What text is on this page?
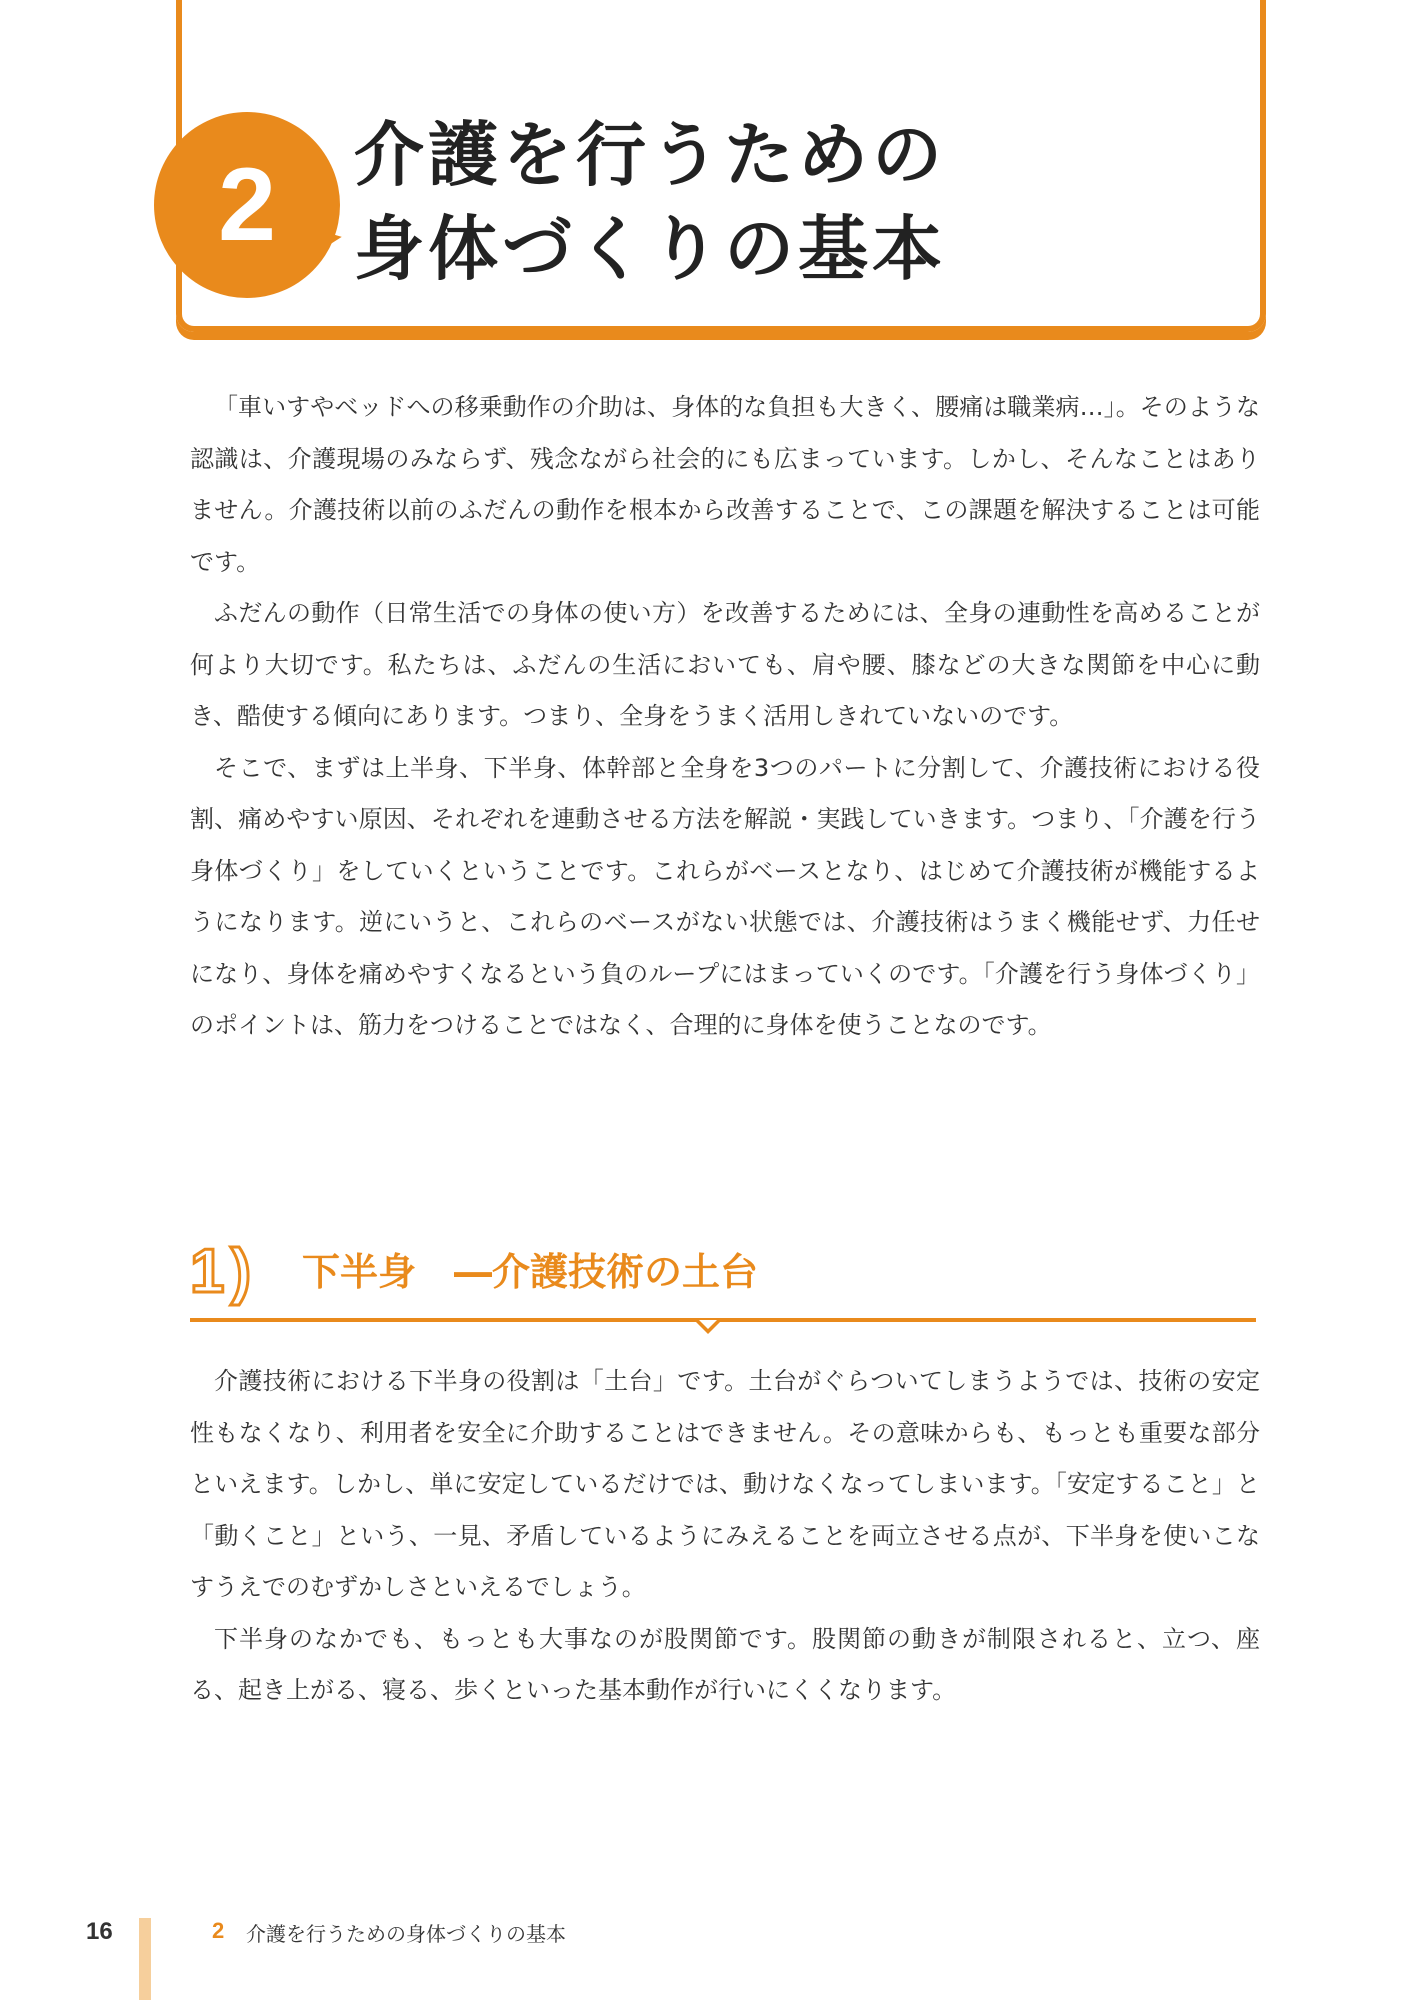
2	介護を行うための
身体づくりの基本

「車いすやベッドへの移乗動作の介助は、身体的な負担も大きく、腰痛は職業病…」。そのような認識は、介護現場のみならず、残念ながら社会的にも広まっています。しかし、そんなことはありません。介護技術以前のふだんの動作を根本から改善することで、この課題を解決することは可能です。

ふだんの動作（日常生活での身体の使い方）を改善するためには、全身の連動性を高めることが何より大切です。私たちは、ふだんの生活においても、肩や腰、膝などの大きな関節を中心に動き、酷使する傾向にあります。つまり、全身をうまく活用しきれていないのです。

そこで、まずは上半身、下半身、体幹部と全身を3つのパートに分割して、介護技術における役割、痛めやすい原因、それぞれを連動させる方法を解説・実践していきます。つまり、「介護を行う身体づくり」をしていくということです。これらがベースとなり、はじめて介護技術が機能するようになります。逆にいうと、これらのベースがない状態では、介護技術はうまく機能せず、力任せになり、身体を痛めやすくなるという負のループにはまっていくのです。「介護を行う身体づくり」のポイントは、筋力をつけることではなく、合理的に身体を使うことなのです。

1) 下半身　―介護技術の土台

介護技術における下半身の役割は「土台」です。土台がぐらついてしまうようでは、技術の安定性もなくなり、利用者を安全に介助することはできません。その意味からも、もっとも重要な部分といえます。しかし、単に安定しているだけでは、動けなくなってしまいます。「安定すること」と「動くこと」という、一見、矛盾しているようにみえることを両立させる点が、下半身を使いこなすうえでのむずかしさといえるでしょう。

下半身のなかでも、もっとも大事なのが股関節です。股関節の動きが制限されると、立つ、座る、起き上がる、寝る、歩くといった基本動作が行いにくくなります。

16	2 介護を行うための身体づくりの基本
